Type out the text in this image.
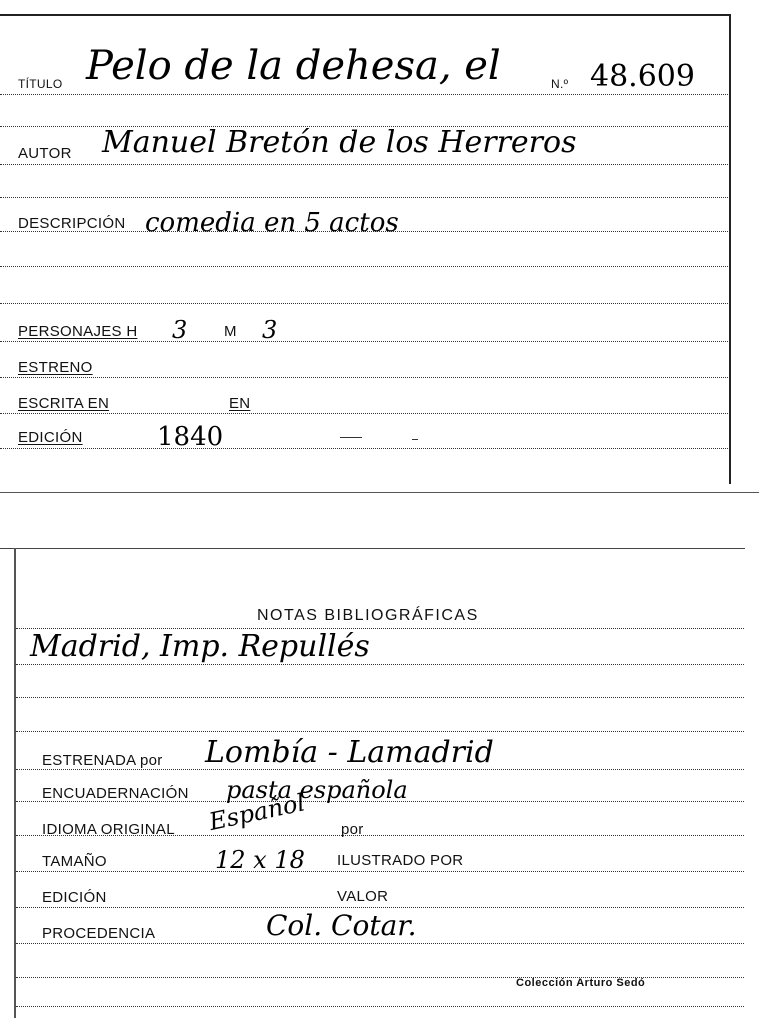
TÍTULO Pelo de la dehesa, el	N.º 48.609
AUTOR Manuel Bretón de los Herreros
DESCRIPCIÓN comedia en 5 actos
PERSONAJES H 3 M 3
ESTRENO
ESCRITA EN	EN
EDICIÓN	1840
NOTAS BIBLIOGRÁFICAS
Madrid, Imp. Repullés
ESTRENADA por Lombía - Lamadrid
ENCUADERNACIÓN pasta española
IDIOMA ORIGINAL Español por
TAMAÑO	12 x 18 ILUSTRADO POR
EDICIÓN	VALOR
PROCEDENCIA	Col. Cotar.
Colección Arturo Sedó
